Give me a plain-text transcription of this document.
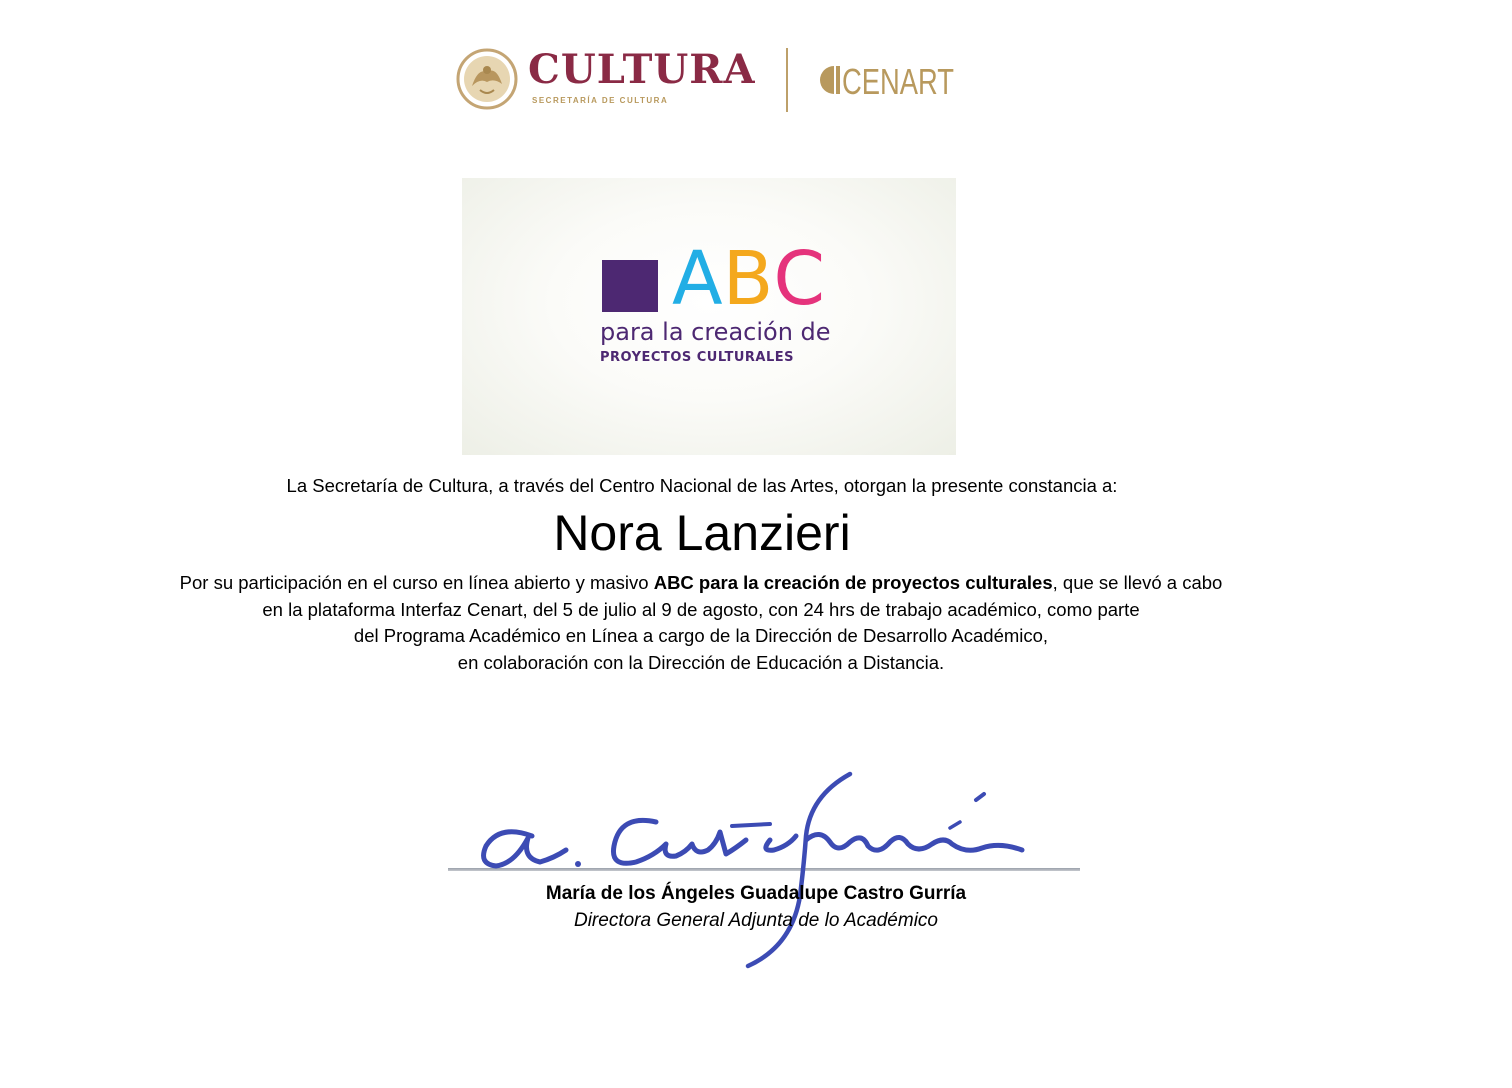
CULTURA
SECRETARÍA DE CULTURA	CENART
ABC
para la creación de
PROYECTOS CULTURALES
La Secretaría de Cultura, a través del Centro Nacional de las Artes, otorgan la presente constancia a:
Nora Lanzieri

Por su participación en el curso en línea abierto y masivo ABC para la creación de proyectos culturales, que se llevó a cabo

en la plataforma Interfaz Cenart, del 5 de julio al 9 de agosto, con 24 hrs de trabajo académico, como parte

del Programa Académico en Línea a cargo de la Dirección de Desarrollo Académico,

en colaboración con la Dirección de Educación a Distancia.

María de los Ángeles Guadalupe Castro Gurría
Directora General Adjunta de lo Académico
